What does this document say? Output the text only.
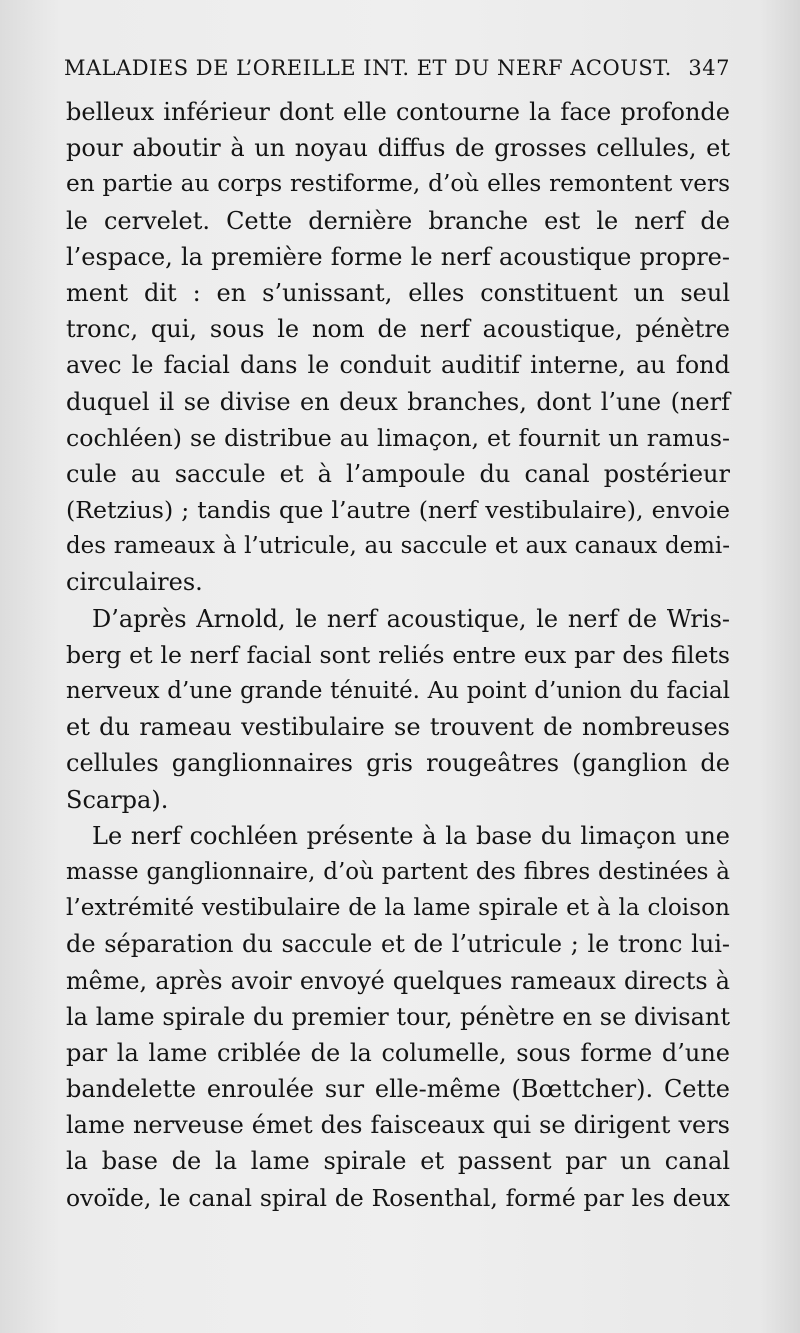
MALADIES DE L’OREILLE INT. ET DU NERF ACOUST. 347
belleux inférieur dont elle contourne la face profonde
pour aboutir à un noyau diffus de grosses cellules, et
en partie au corps restiforme, d’où elles remontent vers
le cervelet. Cette dernière branche est le nerf de
l’espace, la première forme le nerf acoustique propre-
ment dit : en s’unissant, elles constituent un seul
tronc, qui, sous le nom de nerf acoustique, pénètre
avec le facial dans le conduit auditif interne, au fond
duquel il se divise en deux branches, dont l’une (nerf
cochléen) se distribue au limaçon, et fournit un ramus-
cule au saccule et à l’ampoule du canal postérieur
(Retzius) ; tandis que l’autre (nerf vestibulaire), envoie
des rameaux à l’utricule, au saccule et aux canaux demi-
circulaires.
D’après Arnold, le nerf acoustique, le nerf de Wris-
berg et le nerf facial sont reliés entre eux par des filets
nerveux d’une grande ténuité. Au point d’union du facial
et du rameau vestibulaire se trouvent de nombreuses
cellules ganglionnaires gris rougeâtres (ganglion de
Scarpa).
Le nerf cochléen présente à la base du limaçon une
masse ganglionnaire, d’où partent des fibres destinées à
l’extrémité vestibulaire de la lame spirale et à la cloison
de séparation du saccule et de l’utricule ; le tronc lui-
même, après avoir envoyé quelques rameaux directs à
la lame spirale du premier tour, pénètre en se divisant
par la lame criblée de la columelle, sous forme d’une
bandelette enroulée sur elle-même (Bœttcher). Cette
lame nerveuse émet des faisceaux qui se dirigent vers
la base de la lame spirale et passent par un canal
ovoïde, le canal spiral de Rosenthal, formé par les deux
